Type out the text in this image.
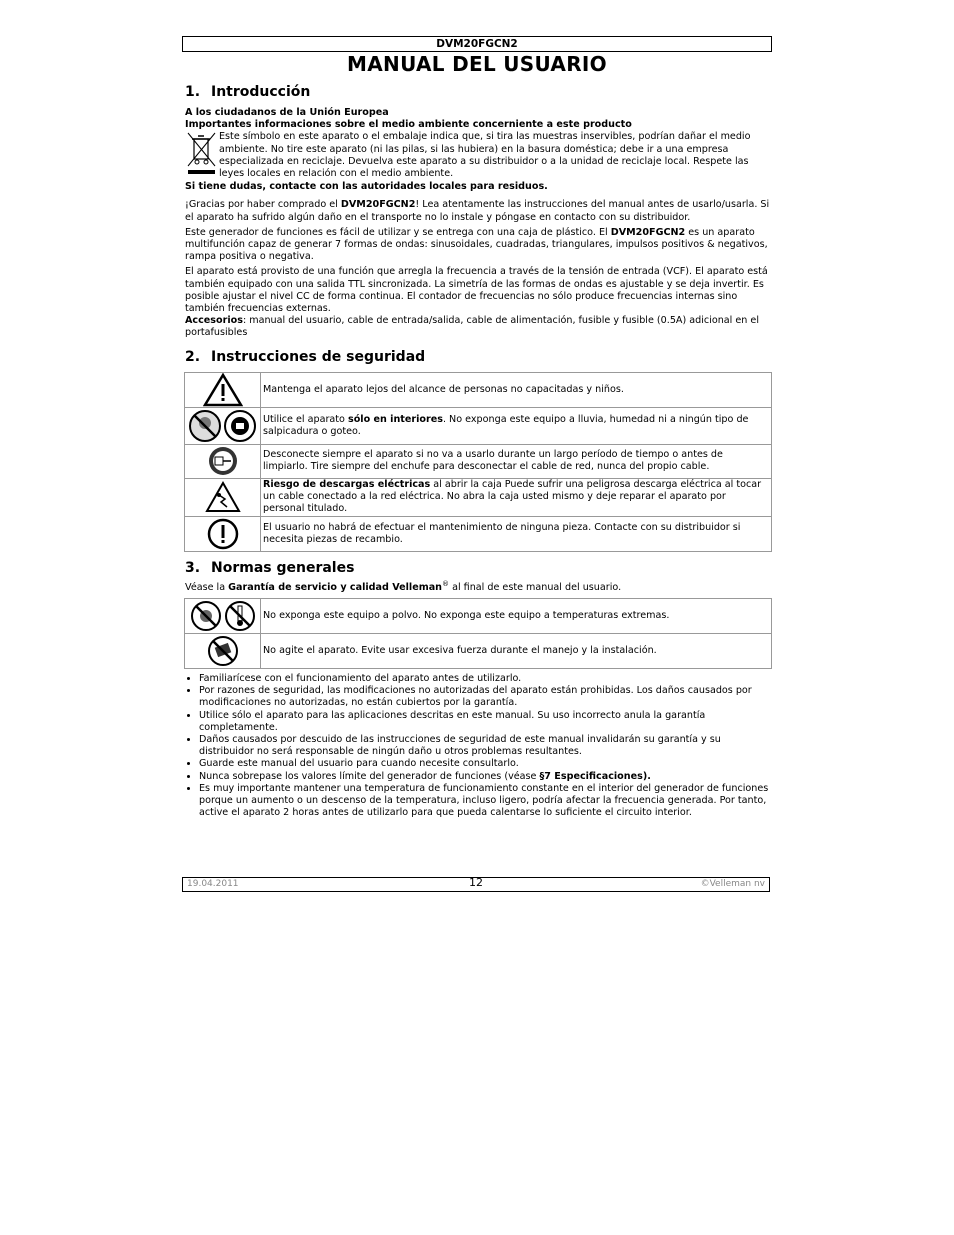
DVM20FGCN2
MANUAL DEL USUARIO
1. Introducción

A los ciudadanos de la Unión Europea

Importantes informaciones sobre el medio ambiente concerniente a este producto

Este símbolo en este aparato o el embalaje indica que, si tira las muestras inservibles, podrían dañar el medio ambiente. No tire este aparato (ni las pilas, si las hubiera) en la basura doméstica; debe ir a una empresa especializada en reciclaje. Devuelva este aparato a su distribuidor o a la unidad de reciclaje local. Respete las leyes locales en relación con el medio ambiente.

Si tiene dudas, contacte con las autoridades locales para residuos.

¡Gracias por haber comprado el DVM20FGCN2! Lea atentamente las instrucciones del manual antes de usarlo/usarla. Si el aparato ha sufrido algún daño en el transporte no lo instale y póngase en contacto con su distribuidor.

Este generador de funciones es fácil de utilizar y se entrega con una caja de plástico. El DVM20FGCN2 es un aparato multifunción capaz de generar 7 formas de ondas: sinusoidales, cuadradas, triangulares, impulsos positivos & negativos, rampa positiva o negativa.

El aparato está provisto de una función que arregla la frecuencia a través de la tensión de entrada (VCF). El aparato está también equipado con una salida TTL sincronizada. La simetría de las formas de ondas es ajustable y se deja invertir. Es posible ajustar el nivel CC de forma continua. El contador de frecuencias no sólo produce frecuencias internas sino también frecuencias externas.

Accesorios: manual del usuario, cable de entrada/salida, cable de alimentación, fusible y fusible (0.5A) adicional en el portafusibles

2. Instrucciones de seguridad
	Mantenga el aparato lejos del alcance de personas no capacitadas y niños.

	Utilice el aparato sólo en interiores. No exponga este equipo a lluvia, humedad ni a ningún tipo de salpicadura o goteo.

	Desconecte siempre el aparato si no va a usarlo durante un largo período de tiempo o antes de limpiarlo. Tire siempre del enchufe para desconectar el cable de red, nunca del propio cable.

	Riesgo de descargas eléctricas al abrir la caja Puede sufrir una peligrosa descarga eléctrica al tocar un cable conectado a la red eléctrica. No abra la caja usted mismo y deje reparar el aparato por personal titulado.

	El usuario no habrá de efectuar el mantenimiento de ninguna pieza. Contacte con su distribuidor si necesita piezas de recambio.
3. Normas generales

Véase la Garantía de servicio y calidad Velleman® al final de este manual del usuario.

	No exponga este equipo a polvo. No exponga este equipo a temperaturas extremas.

	No agite el aparato. Evite usar excesiva fuerza durante el manejo y la instalación.
• Familiarícese con el funcionamiento del aparato antes de utilizarlo.
• Por razones de seguridad, las modificaciones no autorizadas del aparato están prohibidas. Los daños causados por modificaciones no autorizadas, no están cubiertos por la garantía.
• Utilice sólo el aparato para las aplicaciones descritas en este manual. Su uso incorrecto anula la garantía completamente.
• Daños causados por descuido de las instrucciones de seguridad de este manual invalidarán su garantía y su distribuidor no será responsable de ningún daño u otros problemas resultantes.
• Guarde este manual del usuario para cuando necesite consultarlo.
• Nunca sobrepase los valores límite del generador de funciones (véase §7 Especificaciones).
• Es muy importante mantener una temperatura de funcionamiento constante en el interior del generador de funciones porque un aumento o un descenso de la temperatura, incluso ligero, podría afectar la frecuencia generada. Por tanto, active el aparato 2 horas antes de utilizarlo para que pueda calentarse lo suficiente el circuito interior.
19.04.2011	12	©Velleman nv
